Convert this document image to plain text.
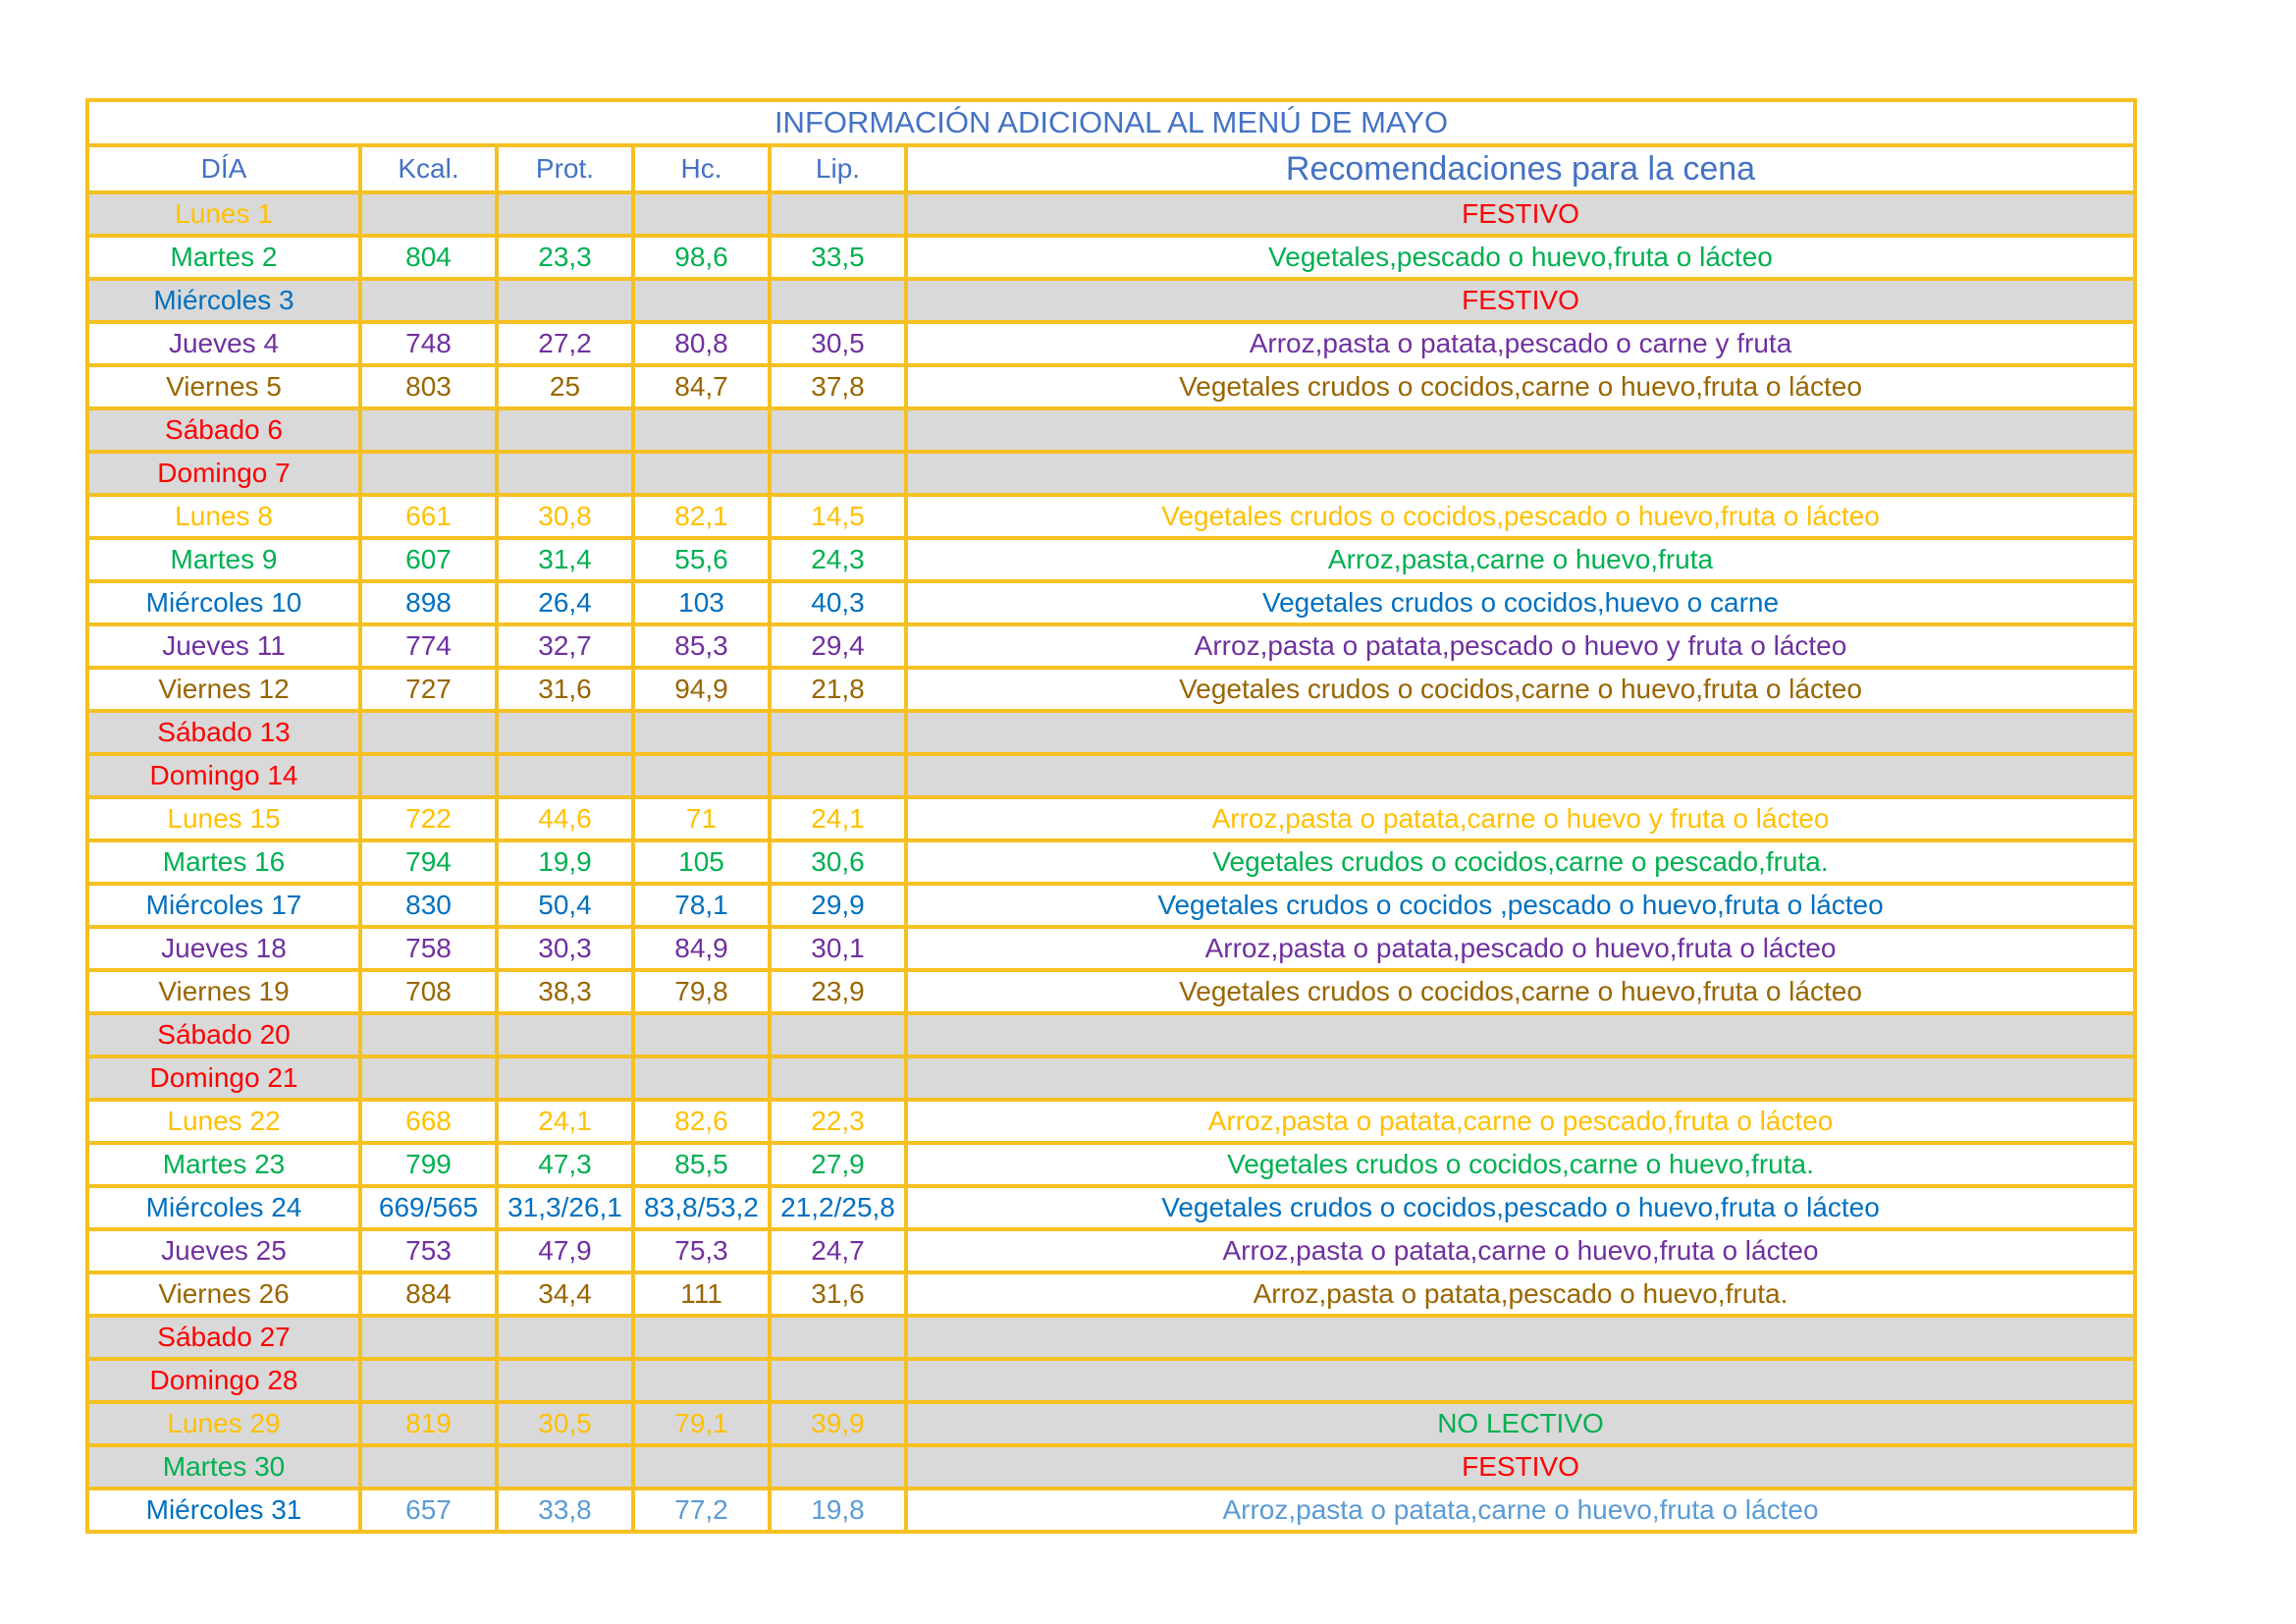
INFORMACIÓN ADICIONAL AL MENÚ DE MAYO					
DÍA	Kcal.	Prot.	Hc.	Lip.	Recomendaciones para la cena
Lunes 1					FESTIVO
Martes 2	804	23,3	98,6	33,5	Vegetales,pescado o huevo,fruta o lácteo
Miércoles 3					FESTIVO
Jueves 4	748	27,2	80,8	30,5	Arroz,pasta o patata,pescado o carne y fruta
Viernes 5	803	25	84,7	37,8	Vegetales crudos o cocidos,carne o huevo,fruta o lácteo
Sábado 6					
Domingo 7					
Lunes 8	661	30,8	82,1	14,5	Vegetales crudos o cocidos,pescado o huevo,fruta o lácteo
Martes 9	607	31,4	55,6	24,3	Arroz,pasta,carne o huevo,fruta
Miércoles 10	898	26,4	103	40,3	Vegetales crudos o cocidos,huevo o carne
Jueves 11	774	32,7	85,3	29,4	Arroz,pasta o patata,pescado o huevo y fruta o lácteo
Viernes 12	727	31,6	94,9	21,8	Vegetales crudos o cocidos,carne o huevo,fruta o lácteo
Sábado 13					
Domingo 14					
Lunes 15	722	44,6	71	24,1	Arroz,pasta o patata,carne o huevo y fruta o lácteo
Martes 16	794	19,9	105	30,6	Vegetales crudos o cocidos,carne o pescado,fruta.
Miércoles 17	830	50,4	78,1	29,9	Vegetales crudos o cocidos ,pescado o huevo,fruta o lácteo
Jueves 18	758	30,3	84,9	30,1	Arroz,pasta o patata,pescado o huevo,fruta o lácteo
Viernes 19	708	38,3	79,8	23,9	Vegetales crudos o cocidos,carne o huevo,fruta o lácteo
Sábado 20					
Domingo 21					
Lunes 22	668	24,1	82,6	22,3	Arroz,pasta o patata,carne o pescado,fruta o lácteo
Martes 23	799	47,3	85,5	27,9	Vegetales crudos o cocidos,carne o huevo,fruta.
Miércoles 24	669/565	31,3/26,1	83,8/53,2	21,2/25,8	Vegetales crudos o cocidos,pescado o huevo,fruta o lácteo
Jueves 25	753	47,9	75,3	24,7	Arroz,pasta o patata,carne o huevo,fruta o lácteo
Viernes 26	884	34,4	111	31,6	Arroz,pasta o patata,pescado o huevo,fruta.
Sábado 27					
Domingo 28					
Lunes 29	819	30,5	79,1	39,9	NO LECTIVO
Martes 30					FESTIVO
Miércoles 31	657	33,8	77,2	19,8	Arroz,pasta o patata,carne o huevo,fruta o lácteo
